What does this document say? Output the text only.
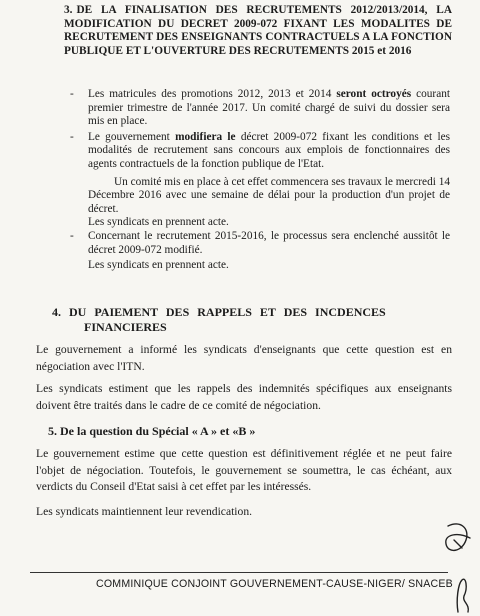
3. DE LA FINALISATION DES RECRUTEMENTS 2012/2013/2014, LA MODIFICATION DU DECRET 2009-072 FIXANT LES MODALITES DE RECRUTEMENT DES ENSEIGNANTS CONTRACTUELS A LA FONCTION PUBLIQUE ET L'OUVERTURE DES RECRUTEMENTS 2015 et 2016
- Les matricules des promotions 2012, 2013 et 2014 seront octroyés courant premier trimestre de l'année 2017. Un comité chargé de suivi du dossier sera mis en place.
- Le gouvernement modifiera le décret 2009-072 fixant les conditions et les modalités de recrutement sans concours aux emplois de fonctionnaires des agents contractuels de la fonction publique de l'Etat.
Un comité mis en place à cet effet commencera ses travaux le mercredi 14 Décembre 2016 avec une semaine de délai pour la production d'un projet de décret.
Les syndicats en prennent acte.
- Concernant le recrutement 2015-2016, le processus sera enclenché aussitôt le décret 2009-072 modifié.
Les syndicats en prennent acte.
4. DU PAIEMENT DES RAPPELS ET DES INCDENCES
FINANCIERES
Le gouvernement a informé les syndicats d'enseignants que cette question est en négociation avec l'ITN.
Les syndicats estiment que les rappels des indemnités spécifiques aux enseignants doivent être traités dans le cadre de ce comité de négociation.
5. De la question du Spécial « A » et «B »
Le gouvernement estime que cette question est définitivement réglée et ne peut faire l'objet de négociation. Toutefois, le gouvernement se soumettra, le cas échéant, aux verdicts du Conseil d'Etat saisi à cet effet par les intéressés.
Les syndicats maintiennent leur revendication.
COMMINIQUE CONJOINT GOUVERNEMENT-CAUSE-NIGER/ SNACEB
